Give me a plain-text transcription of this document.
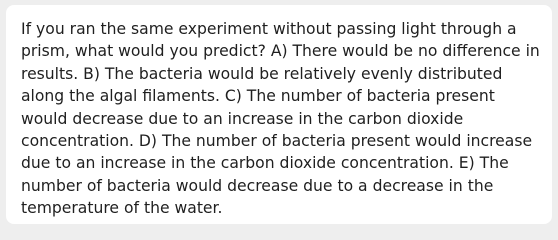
If you ran the same experiment without passing light through a prism, what would you predict? A) There would be no difference in results. B) The bacteria would be relatively evenly distributed along the algal filaments. C) The number of bacteria present would decrease due to an increase in the carbon dioxide concentration. D) The number of bacteria present would increase due to an increase in the carbon dioxide concentration. E) The number of bacteria would decrease due to a decrease in the temperature of the water.
